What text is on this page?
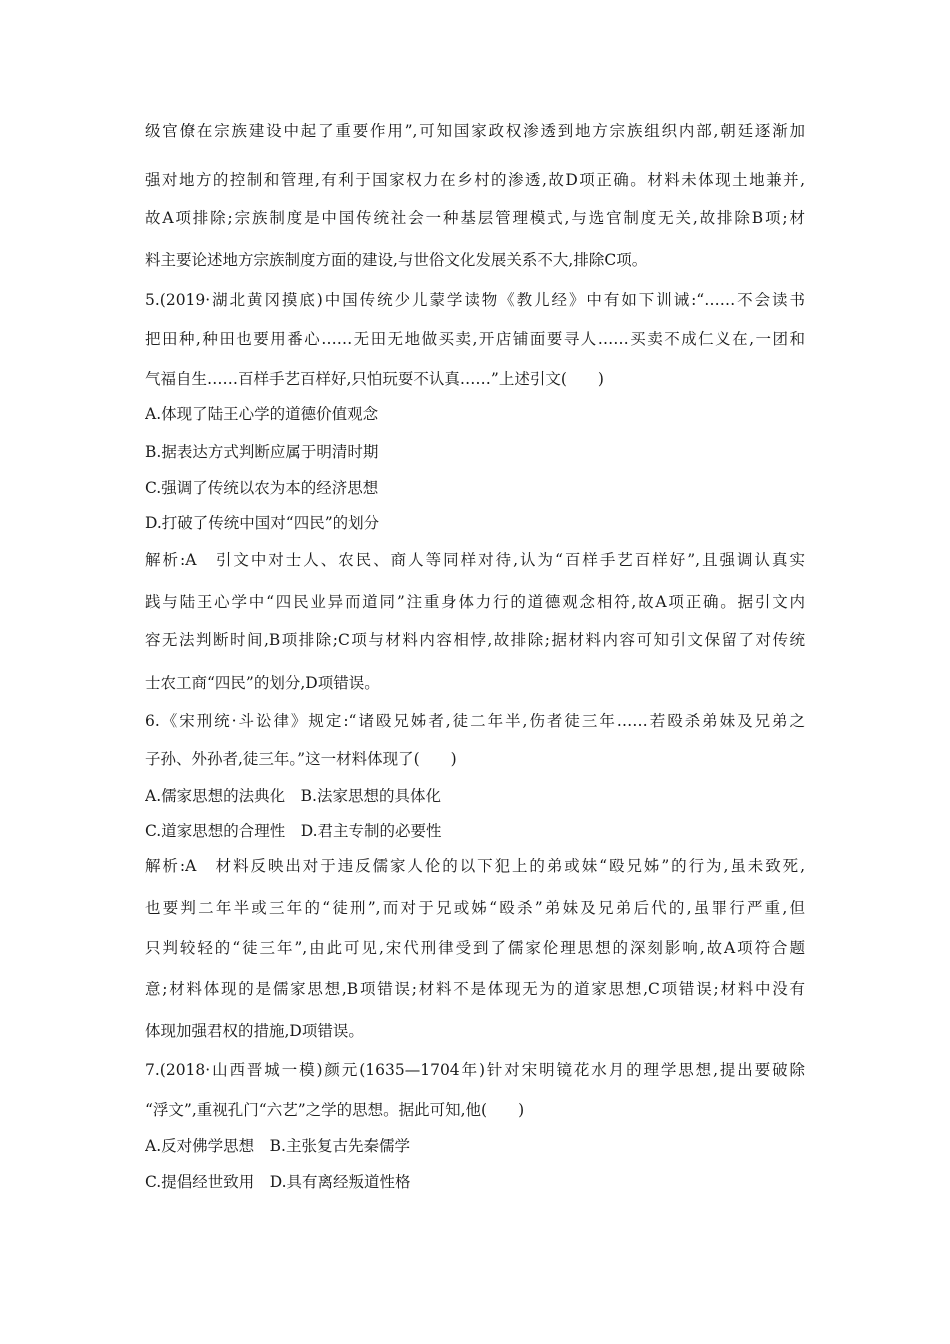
级官僚在宗族建设中起了重要作用”,可知国家政权渗透到地方宗族组织内部,朝廷逐渐加
强对地方的控制和管理,有利于国家权力在乡村的渗透,故D项正确。材料未体现土地兼并,
故A项排除;宗族制度是中国传统社会一种基层管理模式,与选官制度无关,故排除B项;材
料主要论述地方宗族制度方面的建设,与世俗文化发展关系不大,排除C项。
5.(2019·湖北黄冈摸底)中国传统少儿蒙学读物《教儿经》中有如下训诫:“……不会读书
把田种,种田也要用番心……无田无地做买卖,开店铺面要寻人……买卖不成仁义在,一团和
气福自生……百样手艺百样好,只怕玩耍不认真……”上述引文(　　)
A.体现了陆王心学的道德价值观念
B.据表达方式判断应属于明清时期
C.强调了传统以农为本的经济思想
D.打破了传统中国对“四民”的划分
解析:A　引文中对士人、农民、商人等同样对待,认为“百样手艺百样好”,且强调认真实
践与陆王心学中“四民业异而道同”注重身体力行的道德观念相符,故A项正确。据引文内
容无法判断时间,B项排除;C项与材料内容相悖,故排除;据材料内容可知引文保留了对传统
士农工商“四民”的划分,D项错误。
6.《宋刑统·斗讼律》规定:“诸殴兄姊者,徒二年半,伤者徒三年……若殴杀弟妹及兄弟之
子孙、外孙者,徒三年。”这一材料体现了(　　)
A.儒家思想的法典化　B.法家思想的具体化
C.道家思想的合理性　D.君主专制的必要性
解析:A　材料反映出对于违反儒家人伦的以下犯上的弟或妹“殴兄姊”的行为,虽未致死,
也要判二年半或三年的“徒刑”,而对于兄或姊“殴杀”弟妹及兄弟后代的,虽罪行严重,但
只判较轻的“徒三年”,由此可见,宋代刑律受到了儒家伦理思想的深刻影响,故A项符合题
意;材料体现的是儒家思想,B项错误;材料不是体现无为的道家思想,C项错误;材料中没有
体现加强君权的措施,D项错误。
7.(2018·山西晋城一模)颜元(1635—1704年)针对宋明镜花水月的理学思想,提出要破除
“浮文”,重视孔门“六艺”之学的思想。据此可知,他(　　)
A.反对佛学思想　B.主张复古先秦儒学
C.提倡经世致用　D.具有离经叛道性格
